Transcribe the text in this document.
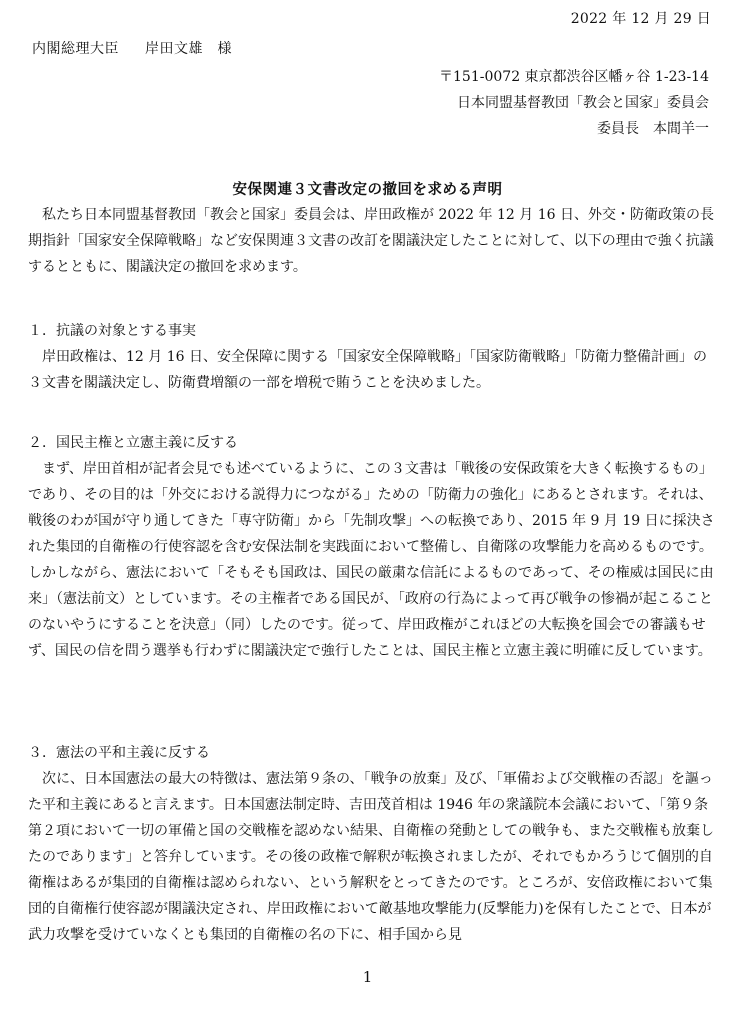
2022 年 12 月 29 日
内閣総理大臣 岸田文雄　様
〒151-0072 東京都渋谷区幡ヶ谷 1-23-14
日本同盟基督教団「教会と国家」委員会
委員長　本間羊一
安保関連３文書改定の撤回を求める声明

私たち日本同盟基督教団「教会と国家」委員会は、岸田政権が 2022 年 12 月 16 日、外交・防衛政策の長期指針「国家安全保障戦略」など安保関連３文書の改訂を閣議決定したことに対して、以下の理由で強く抗議するとともに、閣議決定の撤回を求めます。

１．抗議の対象とする事実

岸田政権は、12 月 16 日、安全保障に関する「国家安全保障戦略」「国家防衛戦略」「防衛力整備計画」の３文書を閣議決定し、防衛費増額の一部を増税で賄うことを決めました。

２．国民主権と立憲主義に反する

まず、岸田首相が記者会見でも述べているように、この３文書は「戦後の安保政策を大きく転換するもの」であり、その目的は「外交における説得力につながる」ための「防衛力の強化」にあるとされます。それは、戦後のわが国が守り通してきた「専守防衛」から「先制攻撃」への転換であり、2015 年 9 月 19 日に採決された集団的自衛権の行使容認を含む安保法制を実践面において整備し、自衛隊の攻撃能力を高めるものです。しかしながら、憲法において「そもそも国政は、国民の厳粛な信託によるものであって、その権威は国民に由来」（憲法前文）としています。その主権者である国民が、「政府の行為によって再び戦争の惨禍が起こることのないやうにすることを決意」（同）したのです。従って、岸田政権がこれほどの大転換を国会での審議もせず、国民の信を問う選挙も行わずに閣議決定で強行したことは、国民主権と立憲主義に明確に反しています。

３．憲法の平和主義に反する

次に、日本国憲法の最大の特徴は、憲法第９条の、「戦争の放棄」及び、「軍備および交戦権の否認」を謳った平和主義にあると言えます。日本国憲法制定時、吉田茂首相は 1946 年の衆議院本会議において、「第９条第２項において一切の軍備と国の交戦権を認めない結果、自衛権の発動としての戦争も、また交戦権も放棄したのであります」と答弁しています。その後の政権で解釈が転換されましたが、それでもかろうじて個別的自衛権はあるが集団的自衛権は認められない、という解釈をとってきたのです。ところが、安倍政権において集団的自衛権行使容認が閣議決定され、岸田政権において敵基地攻撃能力(反撃能力)を保有したことで、日本が武力攻撃を受けていなくとも集団的自衛権の名の下に、相手国から見

1
